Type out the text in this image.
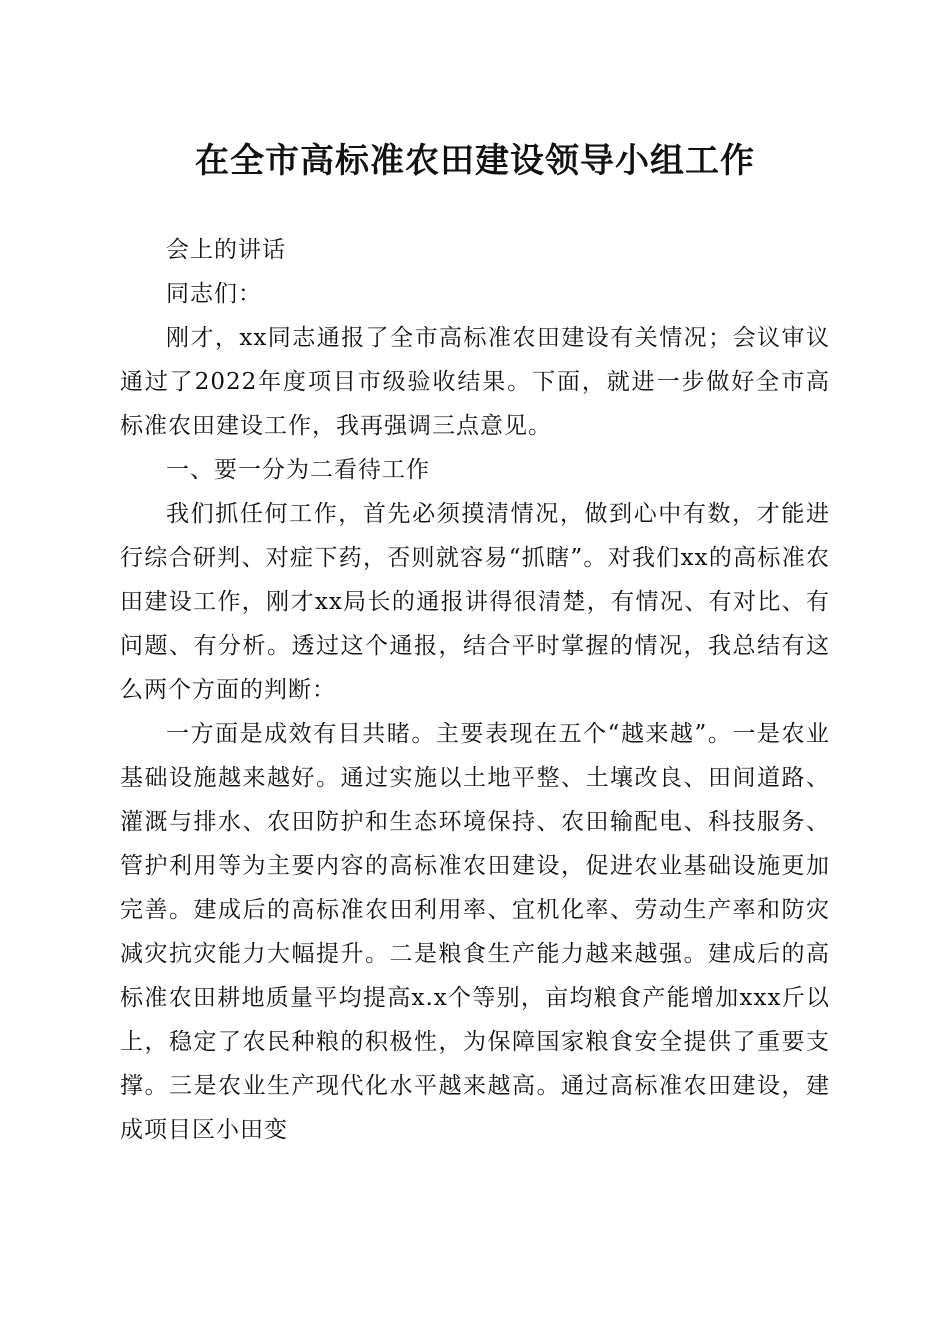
在全市高标准农田建设领导小组工作

会上的讲话

同志们：

刚才，xx同志通报了全市高标准农田建设有关情况；会议审议通过了2022年度项目市级验收结果。下面，就进一步做好全市高标准农田建设工作，我再强调三点意见。

一、要一分为二看待工作

我们抓任何工作，首先必须摸清情况，做到心中有数，才能进行综合研判、对症下药，否则就容易“抓瞎”。对我们xx的高标准农田建设工作，刚才xx局长的通报讲得很清楚，有情况、有对比、有问题、有分析。透过这个通报，结合平时掌握的情况，我总结有这么两个方面的判断：

一方面是成效有目共睹。主要表现在五个“越来越”。一是农业基础设施越来越好。通过实施以土地平整、土壤改良、田间道路、灌溉与排水、农田防护和生态环境保持、农田输配电、科技服务、管护利用等为主要内容的高标准农田建设，促进农业基础设施更加完善。建成后的高标准农田利用率、宜机化率、劳动生产率和防灾减灾抗灾能力大幅提升。二是粮食生产能力越来越强。建成后的高标准农田耕地质量平均提高x.x个等别，亩均粮食产能增加xxx斤以上，稳定了农民种粮的积极性，为保障国家粮食安全提供了重要支撑。三是农业生产现代化水平越来越高。通过高标准农田建设，建成项目区小田变
